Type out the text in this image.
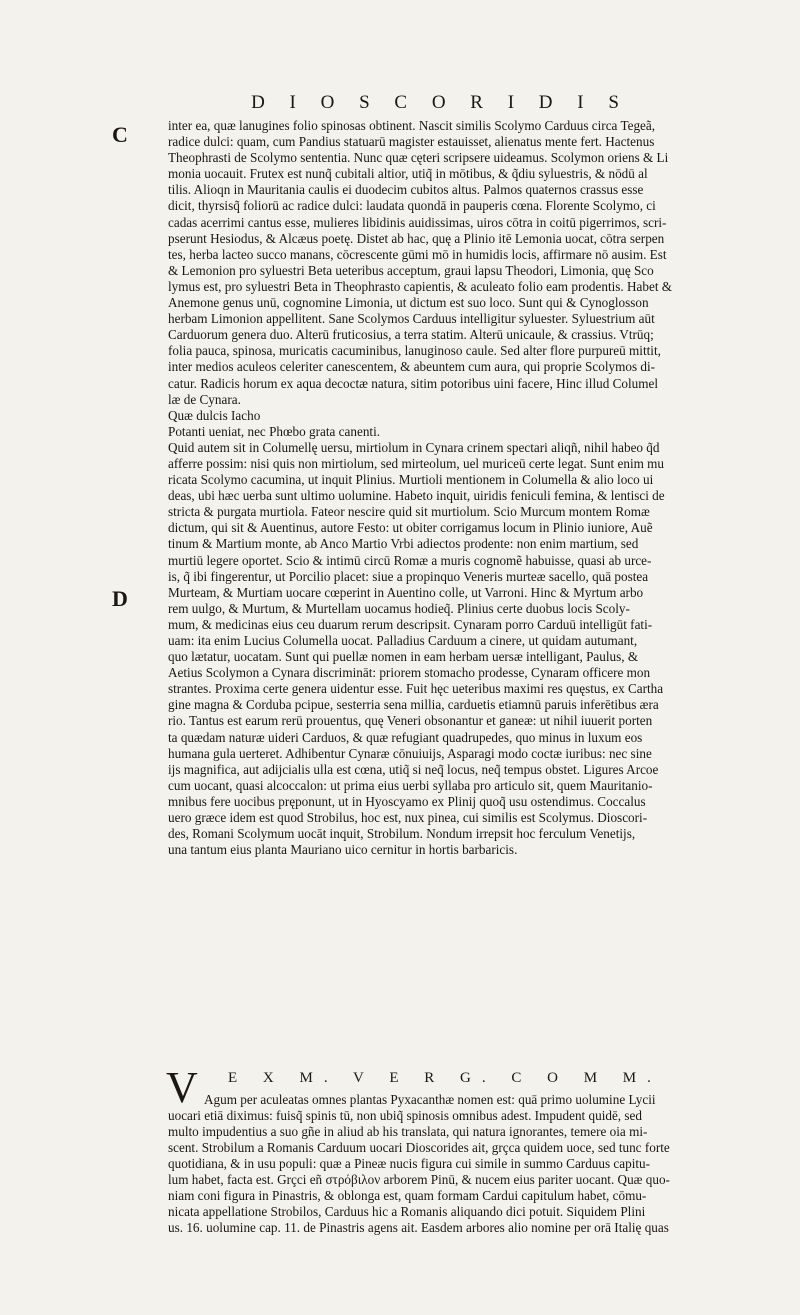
D I O S C O R I D I S
C
D
inter ea, quæ lanugines folio spinosas obtinent. Nascit similis Scolymo Carduus circa Tegeã,
radice dulci: quam, cum Pandius statuarū magister estauisset, alienatus mente fert. Hactenus
Theophrasti de Scolymo sententia. Nunc quæ cęteri scripsere uideamus. Scolymon oriens & Li
monia uocauit. Frutex est nunq̃ cubitali altior, utiq̃ in mōtibus, & q̃diu syluestris, & nōdū al
tilis. Alioqn in Mauritania caulis ei duodecim cubitos altus. Palmos quaternos crassus esse
dicit, thyrsisq̃ foliorū ac radice dulci: laudata quondā in pauperis cœna. Florente Scolymo, ci
cadas acerrimi cantus esse, mulieres libidinis auidissimas, uiros cōtra in coitū pigerrimos, scri-
pserunt Hesiodus, & Alcæus poetę. Distet ab hac, quę a Plinio itē Lemonia uocat, cōtra serpen
tes, herba lacteo succo manans, cōcrescente gūmi mō in humidis locis, affirmare nō ausim. Est
& Lemonion pro syluestri Beta ueteribus acceptum, graui lapsu Theodori, Limonia, quę Sco
lymus est, pro syluestri Beta in Theophrasto capientis, & aculeato folio eam prodentis. Habet &
Anemone genus unū, cognomine Limonia, ut dictum est suo loco. Sunt qui & Cynoglosson
herbam Limonion appellitent. Sane Scolymos Carduus intelligitur syluester. Syluestrium aūt
Carduorum genera duo. Alterū fruticosius, a terra statim. Alterū unicaule, & crassius. Vtrūq;
folia pauca, spinosa, muricatis cacuminibus, lanuginoso caule. Sed alter flore purpureū mittit,
inter medios aculeos celeriter canescentem, & abeuntem cum aura, qui proprie Scolymos di-
catur. Radicis horum ex aqua decoctæ natura, sitim potoribus uini facere, Hinc illud Columel
læ de Cynara.
Quæ dulcis Iacho
Potanti ueniat, nec Phœbo grata canenti.
Quid autem sit in Columellę uersu, mirtiolum in Cynara crinem spectari aliqñ, nihil habeo q̃d
afferre possim: nisi quis non mirtiolum, sed mirteolum, uel muriceū certe legat. Sunt enim mu
ricata Scolymo cacumina, ut inquit Plinius. Murtioli mentionem in Columella & alio loco ui
deas, ubi hæc uerba sunt ultimo uolumine. Habeto inquit, uiridis feniculi femina, & lentisci de
stricta & purgata murtiola. Fateor nescire quid sit murtiolum. Scio Murcum montem Romæ
dictum, qui sit & Auentinus, autore Festo: ut obiter corrigamus locum in Plinio iuniore, Auẽ
tinum & Martium monte, ab Anco Martio Vrbi adiectos prodente: non enim martium, sed
murtiū legere oportet. Scio & intimū circū Romæ a muris cognomẽ habuisse, quasi ab urce-
is, q̃ ibi fingerentur, ut Porcilio placet: siue a propinquo Veneris murteæ sacello, quā postea
Murteam, & Murtiam uocare cœperint in Auentino colle, ut Varroni. Hinc & Myrtum arbo
rem uulgo, & Murtum, & Murtellam uocamus hodieq̃. Plinius certe duobus locis Scoly-
mum, & medicinas eius ceu duarum rerum descripsit. Cynaram porro Carduū intelligūt fati-
uam: ita enim Lucius Columella uocat. Palladius Carduum a cinere, ut quidam autumant,
quo lætatur, uocatam. Sunt qui puellæ nomen in eam herbam uersæ intelligant, Paulus, &
Aetius Scolymon a Cynara discrimināt: priorem stomacho prodesse, Cynaram officere mon
strantes. Proxima certe genera uidentur esse. Fuit hęc ueteribus maximi res quęstus, ex Cartha
gine magna & Corduba pcipue, sesterria sena millia, carduetis etiamnū paruis inferētibus æra
rio. Tantus est earum rerū prouentus, quę Veneri obsonantur et ganeæ: ut nihil iuuerit porten
ta quædam naturæ uideri Carduos, & quæ refugiant quadrupedes, quo minus in luxum eos
humana gula uerteret. Adhibentur Cynaræ cōnuiuijs, Asparagi modo coctæ iuribus: nec sine
ijs magnifica, aut adijcialis ulla est cœna, utiq̃ si neq̃ locus, neq̃ tempus obstet. Ligures Arcoe
cum uocant, quasi alcoccalon: ut prima eius uerbi syllaba pro articulo sit, quem Mauritanio-
mnibus fere uocibus pręponunt, ut in Hyoscyamo ex Plinij quoq̃ usu ostendimus. Coccalus
uero græce idem est quod Strobilus, hoc est, nux pinea, cui similis est Scolymus. Dioscori-
des, Romani Scolymum uocāt inquit, Strobilum. Nondum irrepsit hoc ferculum Venetijs,
una tantum eius planta Mauriano uico cernitur in hortis barbaricis.
V E X M. V E R G. C O M M.
Agum per aculeatas omnes plantas Pyxacanthæ nomen est: quā primo uolumine Lycii
uocari etiā diximus: fuisq̃ spinis tū, non ubiq̃ spinosis omnibus adest. Impudent quidē, sed
multo impudentius a suo gñe in aliud ab his translata, qui natura ignorantes, temere oia mi-
scent. Strobilum a Romanis Carduum uocari Dioscorides ait, grçca quidem uoce, sed tunc forte
quotidiana, & in usu populi: quæ a Pineæ nucis figura cui simile in summo Carduus capitu-
lum habet, facta est. Grçci eñ στρόβιλον arborem Pinū, & nucem eius pariter uocant. Quæ quo-
niam coni figura in Pinastris, & oblonga est, quam formam Cardui capitulum habet, cōmu-
nicata appellatione Strobilos, Carduus hic a Romanis aliquando dici potuit. Siquidem Plini
us. 16. uolumine cap. 11. de Pinastris agens ait. Easdem arbores alio nomine per orā Italię quas
